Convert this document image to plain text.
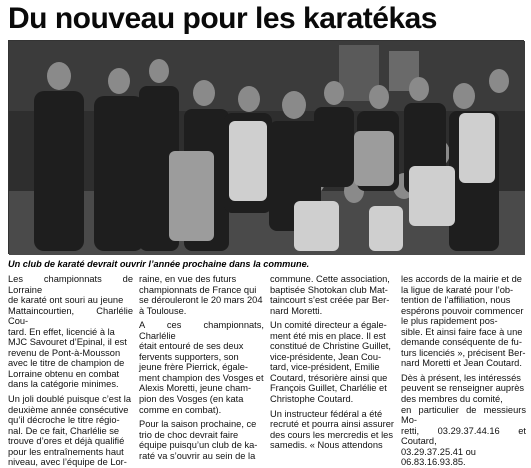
Du nouveau pour les karatékas
Un club de karaté devrait ouvrir l’année prochaine dans la commune.

Les championnats de Lorraine
de karaté ont souri au jeune
Mattaincourtien, Charlélie Cou-
tard. En effet, licencié à la
MJC Savouret d’Epinal, il est
revenu de Pont-à-Mousson
avec le titre de champion de
Lorraine obtenu en combat
dans la catégorie minimes.

Un joli doublé puisque c’est la
deuxième année consécutive
qu’il décroche le titre régio-
nal. De ce fait, Charlélie se
trouve d’ores et déjà qualifié
pour les entraînements haut
niveau, avec l’équipe de Lor-

raine, en vue des futurs
championnats de France qui
se dérouleront le 20 mars 204
à Toulouse.

A ces championnats, Charlélie
était entouré de ses deux
fervents supporters, son
jeune frère Pierrick, égale-
ment champion des Vosges et
Alexis Moretti, jeune cham-
pion des Vosges (en kata
comme en combat).

Pour la saison prochaine, ce
trio de choc devrait faire
équipe puisqu’un club de ka-
raté va s’ouvrir au sein de la

commune. Cette association,
baptisée Shotokan club Mat-
taincourt s’est créée par Ber-
nard Moretti.

Un comité directeur a égale-
ment été mis en place. Il est
constitué de Christine Guillet,
vice-présidente, Jean Cou-
tard, vice-président, Emilie
Coutard, trésorière ainsi que
François Guillet, Charlélie et
Christophe Coutard.

Un instructeur fédéral a été
recruté et pourra ainsi assurer
des cours les mercredis et les
samedis. « Nous attendons

les accords de la mairie et de
la ligue de karaté pour l’ob-
tention de l’affiliation, nous
espérons pouvoir commencer
le plus rapidement pos-
sible. Et ainsi faire face à une
demande conséquente de fu-
turs licenciés », précisent Ber-
nard Moretti et Jean Coutard.

Dès à présent, les intéressés
peuvent se renseigner auprès
des membres du comité,
en particulier de messieurs Mo-
retti, 03.29.37.44.16 et Coutard,
03.29.37.25.41 ou
06.83.16.93.85.
